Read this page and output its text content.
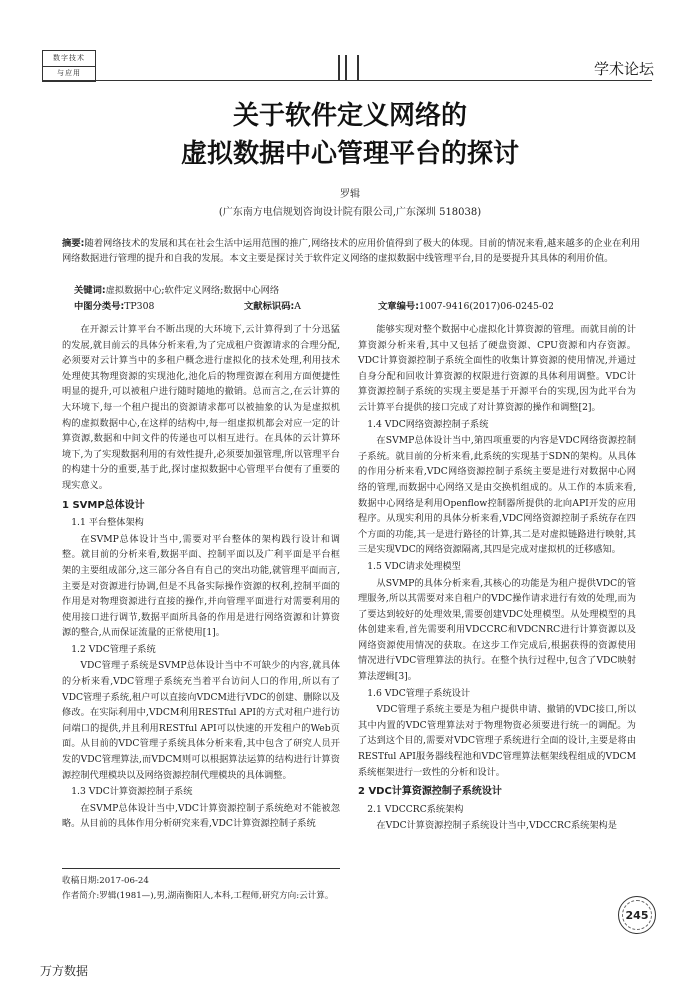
数字技术
与应用	学术论坛
关于软件定义网络的
虚拟数据中心管理平台的探讨
罗辑
(广东南方电信规划咨询设计院有限公司,广东深圳 518038)
摘要:随着网络技术的发展和其在社会生活中运用范围的推广,网络技术的应用价值得到了极大的体现。目前的情况来看,越来越多的企业在利用网络数据进行管理的提升和自我的发展。本文主要是探讨关于软件定义网络的虚拟数据中线管理平台,目的是要提升其具体的利用价值。
关键词:虚拟数据中心;软件定义网络;数据中心网络
中图分类号:TP308	文献标识码:A	文章编号:1007-9416(2017)06-0245-02

在开源云计算平台不断出现的大环境下,云计算得到了十分迅猛的发展,就目前云的具体分析来看,为了完成租户资源请求的合理分配,必须要对云计算当中的多租户概念进行虚拟化的技术处理,利用技术处理使其物理资源的实现池化,池化后的物理资源在利用方面便捷性明显的提升,可以被租户进行随时随地的撤销。总而言之,在云计算的大环境下,每一个租户提出的资源请求都可以被抽象的认为是虚拟机构的虚拟数据中心,在这样的结构中,每一组虚拟机都会对应一定的计算资源,数据和中间文件的传递也可以相互进行。在具体的云计算环境下,为了实现数据利用的有效性提升,必须要加强管理,所以管理平台的构建十分的重要,基于此,探讨虚拟数据中心管理平台便有了重要的现实意义。

1 SVMP总体设计

1.1 平台整体架构

在SVMP总体设计当中,需要对平台整体的架构践行设计和调整。就目前的分析来看,数据平面、控制平面以及广利平面是平台框架的主要组成部分,这三部分各自有自己的突出功能,就管理平面而言,主要是对资源进行协调,但是不具备实际操作资源的权利,控制平面的作用是对物理资源进行直接的操作,并向管理平面进行对需要利用的使用接口进行调节,数据平面所具备的作用是进行网络资源和计算资源的整合,从而保证流量的正常使用[1]。

1.2 VDC管理子系统

VDC管理子系统是SVMP总体设计当中不可缺少的内容,就具体的分析来看,VDC管理子系统充当着平台访问人口的作用,所以有了VDC管理子系统,租户可以直接向VDCM进行VDC的创建、删除以及修改。在实际利用中,VDCM利用RESTful API的方式对租户进行访问端口的提供,并且利用RESTful API可以快速的开发租户的Web页面。从目前的VDC管理子系统具体分析来看,其中包含了研究人员开发的VDC管理算法,而VDCM则可以根据算法运算的结构进行计算资源控制代理模块以及网络资源控制代理模块的具体调整。

1.3 VDC计算资源控制子系统

在SVMP总体设计当中,VDC计算资源控制子系统绝对不能被忽略。从目前的具体作用分析研究来看,VDC计算资源控制子系统

能够实现对整个数据中心虚拟化计算资源的管理。而就目前的计算资源分析来看,其中又包括了硬盘资源、CPU资源和内存资源。VDC计算资源控制子系统全面性的收集计算资源的使用情况,并通过自身分配和回收计算资源的权限进行资源的具体利用调整。VDC计算资源控制子系统的实现主要是基于开源平台的实现,因为此平台为云计算平台提供的接口完成了对计算资源的操作和调整[2]。

1.4 VDC网络资源控制子系统

在SVMP总体设计当中,第四项重要的内容是VDC网络资源控制子系统。就目前的分析来看,此系统的实现基于SDN的架构。从具体的作用分析来看,VDC网络资源控制子系统主要是进行对数据中心网络的管理,而数据中心网络又是由交换机组成的。从工作的本质来看,数据中心网络是利用Openflow控制器所提供的北向API开发的应用程序。从现实利用的具体分析来看,VDC网络资源控制子系统存在四个方面的功能,其一是进行路径的计算,其二是对虚拟链路进行映射,其三是实现VDC的网络资源隔离,其四是完成对虚拟机的迁移感知。

1.5 VDC请求处理模型

从SVMP的具体分析来看,其核心的功能是为租户提供VDC的管理服务,所以其需要对来自租户的VDC操作请求进行有效的处理,而为了要达到较好的处理效果,需要创建VDC处理模型。从处理模型的具体创建来看,首先需要利用VDCCRC和VDCNRC进行计算资源以及网络资源使用情况的获取。在这步工作完成后,根据获得的资源使用情况进行VDC管理算法的执行。在整个执行过程中,包含了VDC映射算法逻辑[3]。

1.6 VDC管理子系统设计

VDC管理子系统主要是为租户提供申请、撤销的VDC接口,所以其中内置的VDC管理算法对于物理物资必须要进行统一的调配。为了达到这个目的,需要对VDC管理子系统进行全面的设计,主要是将由RESTful API服务器线程池和VDC管理算法框架线程组成的VDCM系统框架进行一致性的分析和设计。

2 VDC计算资源控制子系统设计

2.1 VDCCRC系统架构

在VDC计算资源控制子系统设计当中,VDCCRC系统架构是

收稿日期:2017-06-24
作者简介:罗辑(1981—),男,湖南衡阳人,本科,工程师,研究方向:云计算。
245
万方数据
